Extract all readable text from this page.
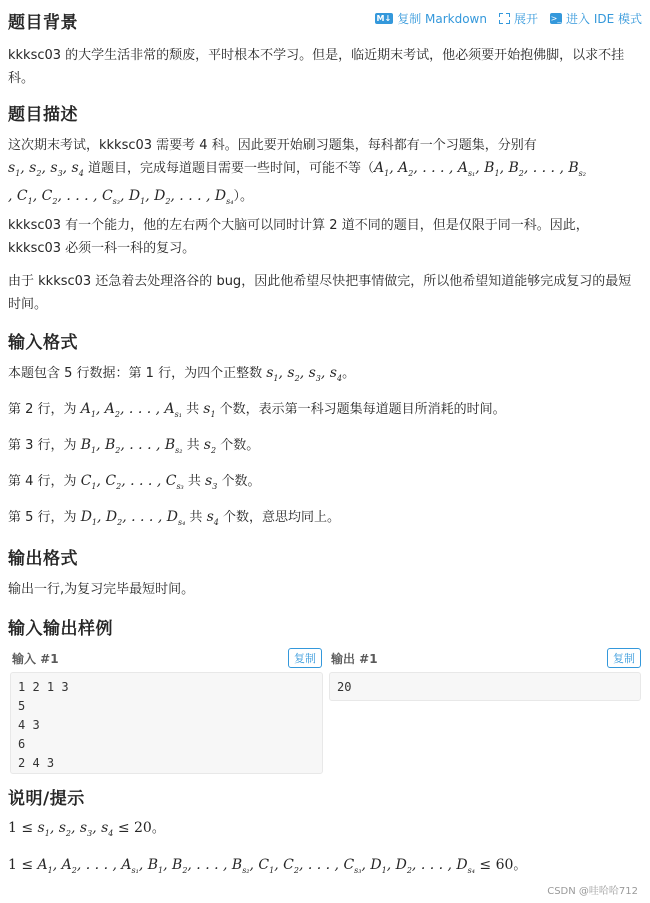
M↓ 复制 Markdown 展开 >_ 进入 IDE 模式
题目背景
kkksc03 的大学生活非常的颓废，平时根本不学习。但是，临近期末考试，他必须要开始抱佛脚，以求不挂科。
题目描述
这次期末考试，kkksc03 需要考 4 科。因此要开始刷习题集，每科都有一个习题集，分别有
$s_1$, $s_2$, $s_3$, $s_4$ 道题目，完成每道题目需要一些时间，可能不等（$A_1$, $A_2$, . . . , $A_{s_1}$, $B_1$, $B_2$, . . . , $B_{s_2}$
, $C_1$, $C_2$, . . . , $C_{s_3}$, $D_1$, $D_2$, . . . , $D_{s_4}$）。
kkksc03 有一个能力，他的左右两个大脑可以同时计算 2 道不同的题目，但是仅限于同一科。因此，kkksc03 必须一科一科的复习。
由于 kkksc03 还急着去处理洛谷的 bug，因此他希望尽快把事情做完，所以他希望知道能够完成复习的最短时间。
输入格式
本题包含 5 行数据：第 1 行，为四个正整数 $s_1$, $s_2$, $s_3$, $s_4$。
第 2 行，为 $A_1$, $A_2$, . . . , $A_{s_1}$ 共 $s_1$ 个数，表示第一科习题集每道题目所消耗的时间。
第 3 行，为 $B_1$, $B_2$, . . . , $B_{s_2}$ 共 $s_2$ 个数。
第 4 行，为 $C_1$, $C_2$, . . . , $C_{s_3}$ 共 $s_3$ 个数。
第 5 行，为 $D_1$, $D_2$, . . . , $D_{s_4}$ 共 $s_4$ 个数，意思均同上。
输出格式
输出一行,为复习完毕最短时间。
输入输出样例
输入 #1	复制
1 2 1 3
5
4 3
6
2 4 3
输出 #1	复制
20
说明/提示
$1 \le s_1$, $s_2$, $s_3$, $s_4 \le 20$。
$1 \le A_1$, $A_2$, . . . , $A_{s_1}$, $B_1$, $B_2$, . . . , $B_{s_2}$, $C_1$, $C_2$, . . . , $C_{s_3}$, $D_1$, $D_2$, . . . , $D_{s_4} \le 60$。
CSDN @哇哈哈712
